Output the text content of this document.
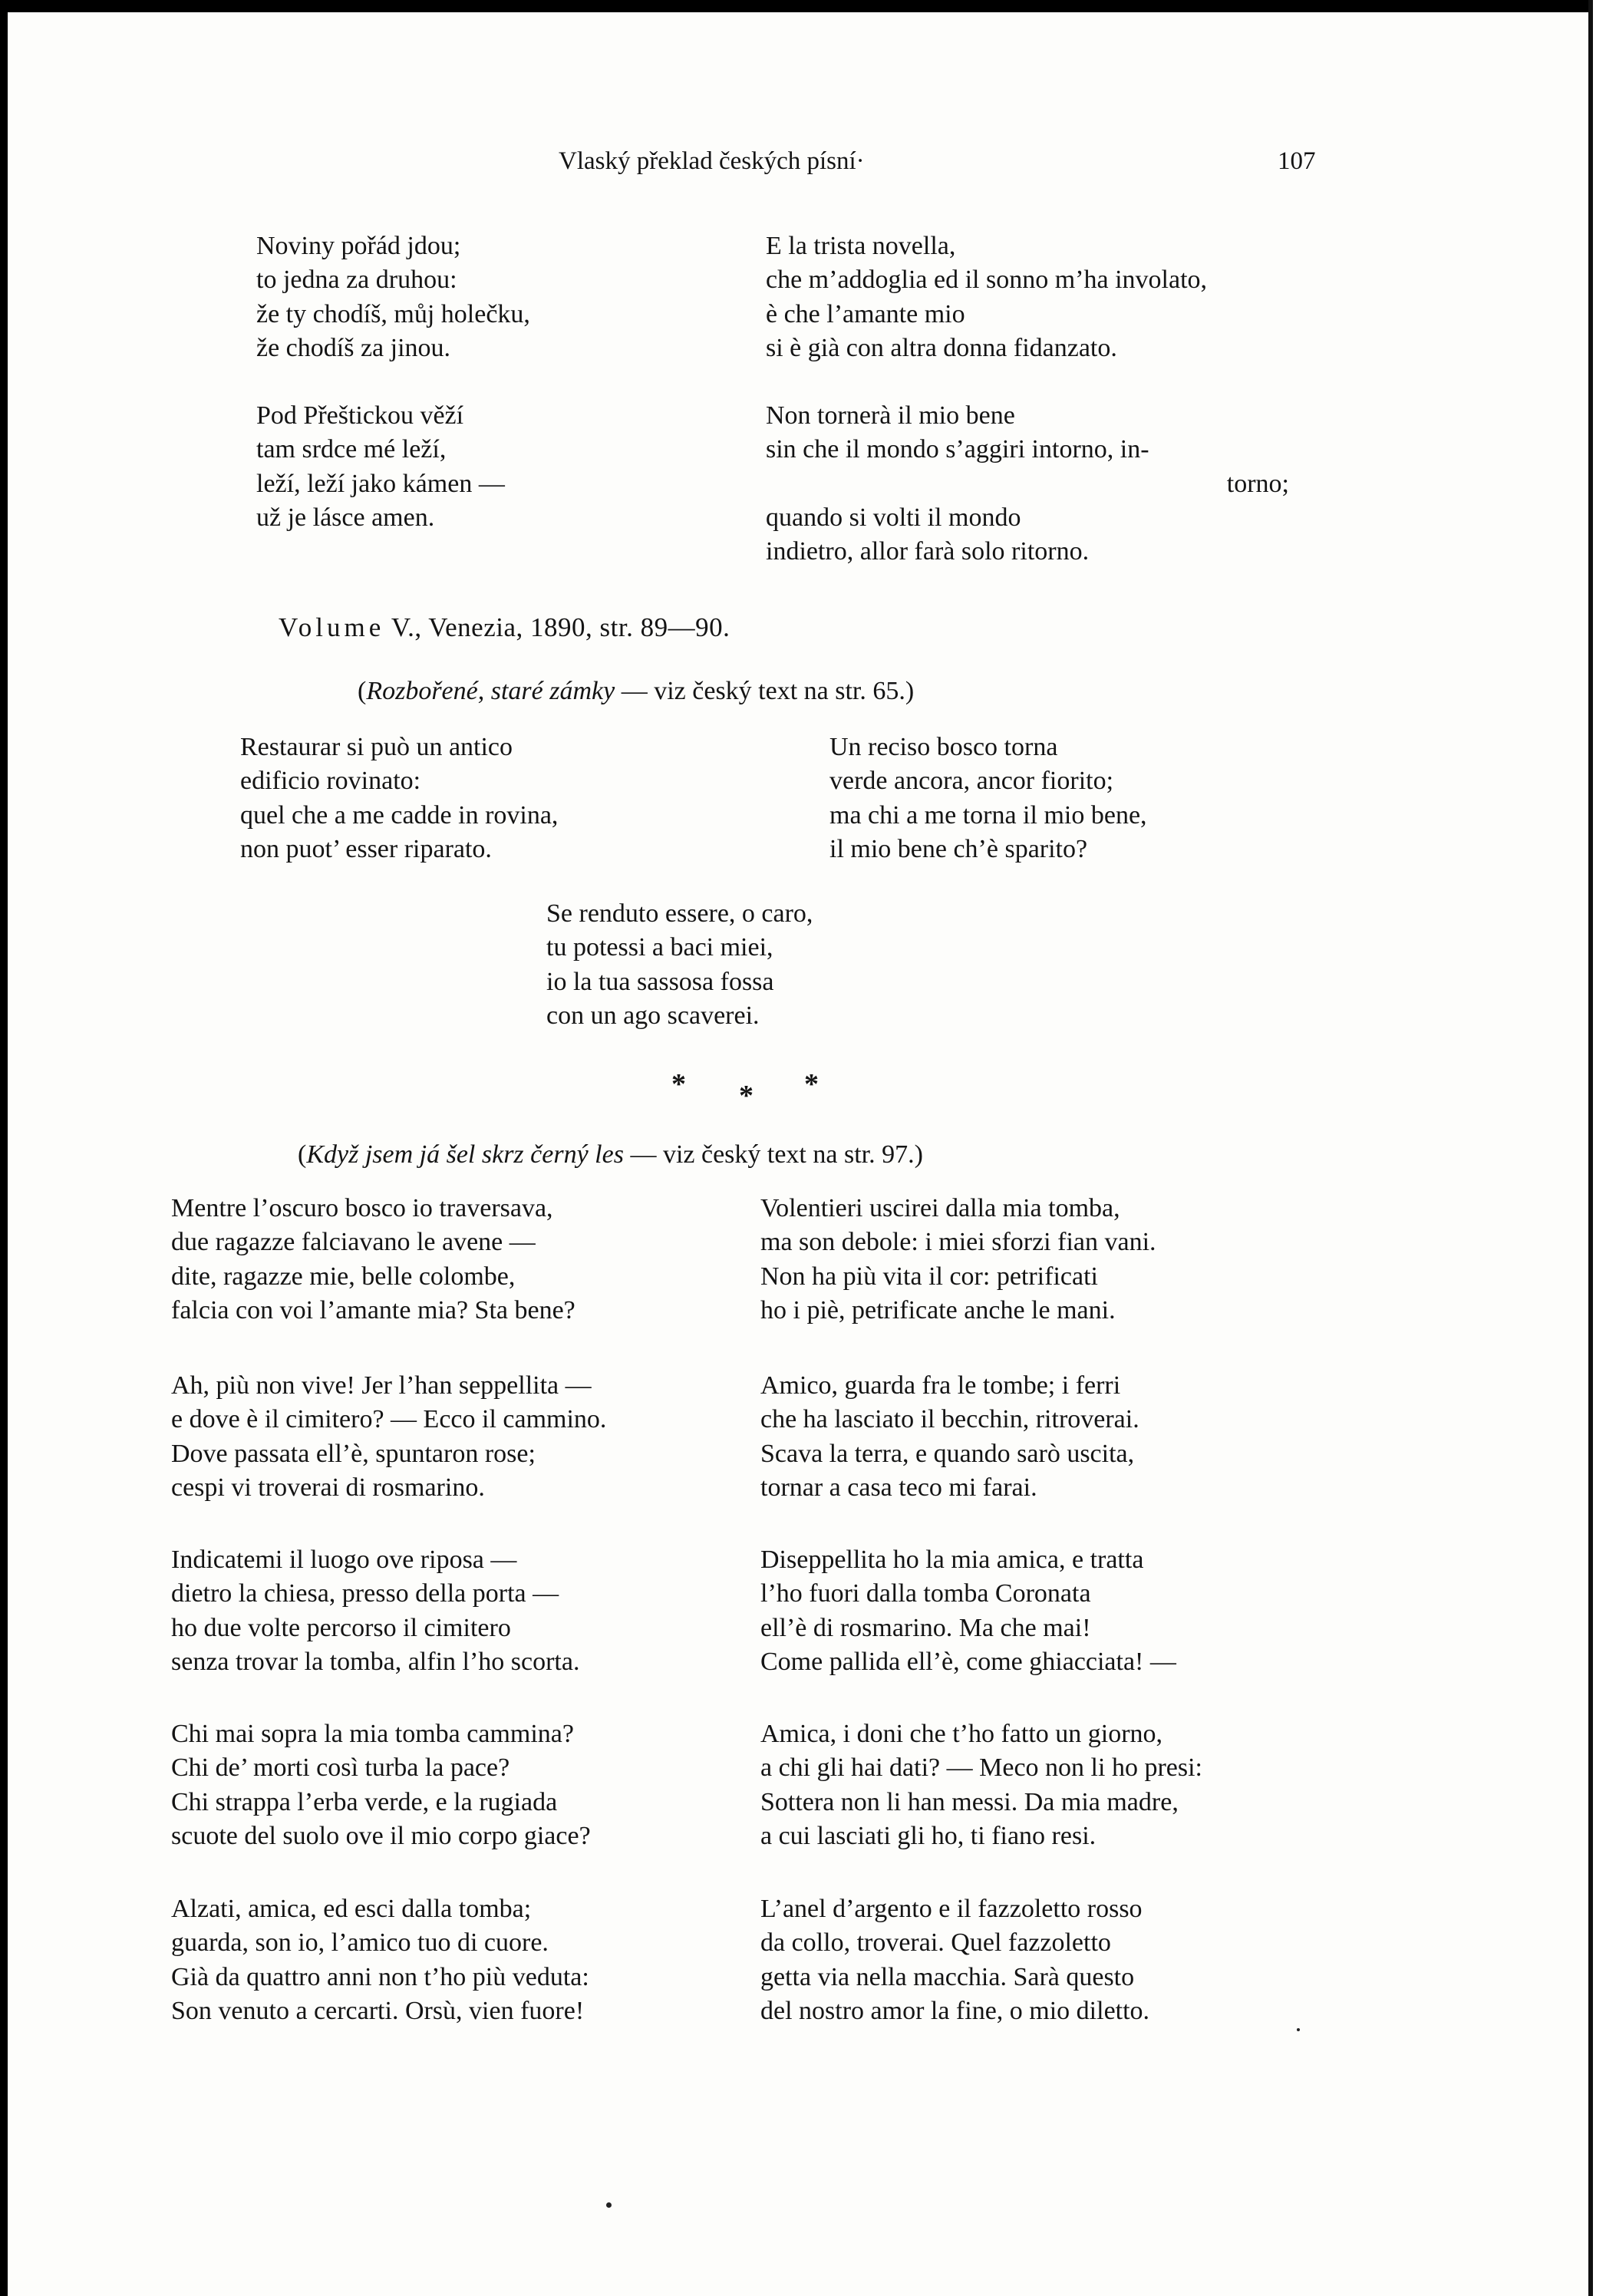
Vlaský překlad českých písní·	107
Noviny pořád jdou;
to jedna za druhou:
že ty chodíš, můj holečku,
že chodíš za jinou.
Pod Přeštickou věží
tam srdce mé leží,
leží, leží jako kámen —
už je lásce amen.
E la trista novella,
che m’addoglia ed il sonno m’ha involato,
è che l’amante mio
si è già con altra donna fidanzato.
Non tornerà il mio bene
sin che il mondo s’aggiri intorno, in-
torno;
quando si volti il mondo
indietro, allor farà solo ritorno.
Volume V., Venezia, 1890, str. 89—90.
(Rozbořené, staré zámky — viz český text na str. 65.)
Restaurar si può un antico
edificio rovinato:
quel che a me cadde in rovina,
non puot’ esser riparato.
Un reciso bosco torna
verde ancora, ancor fiorito;
ma chi a me torna il mio bene,
il mio bene ch’è sparito?
Se renduto essere, o caro,
tu potessi a baci miei,
io la tua sassosa fossa
con un ago scaverei.
* * *
(Když jsem já šel skrz černý les — viz český text na str. 97.)
Mentre l’oscuro bosco io traversava,
due ragazze falciavano le avene —
dite, ragazze mie, belle colombe,
falcia con voi l’amante mia? Sta bene?
Ah, più non vive! Jer l’han seppellita —
e dove è il cimitero? — Ecco il cammino.
Dove passata ell’è, spuntaron rose;
cespi vi troverai di rosmarino.
Indicatemi il luogo ove riposa —
dietro la chiesa, presso della porta —
ho due volte percorso il cimitero
senza trovar la tomba, alfin l’ho scorta.
Chi mai sopra la mia tomba cammina?
Chi de’ morti così turba la pace?
Chi strappa l’erba verde, e la rugiada
scuote del suolo ove il mio corpo giace?
Alzati, amica, ed esci dalla tomba;
guarda, son io, l’amico tuo di cuore.
Già da quattro anni non t’ho più veduta:
Son venuto a cercarti. Orsù, vien fuore!
Volentieri uscirei dalla mia tomba,
ma son debole: i miei sforzi fian vani.
Non ha più vita il cor: petrificati
ho i piè, petrificate anche le mani.
Amico, guarda fra le tombe; i ferri
che ha lasciato il becchin, ritroverai.
Scava la terra, e quando sarò uscita,
tornar a casa teco mi farai.
Diseppellita ho la mia amica, e tratta
l’ho fuori dalla tomba Coronata
ell’è di rosmarino. Ma che mai!
Come pallida ell’è, come ghiacciata! —
Amica, i doni che t’ho fatto un giorno,
a chi gli hai dati? — Meco non li ho presi:
Sottera non li han messi. Da mia madre,
a cui lasciati gli ho, ti fiano resi.
L’anel d’argento e il fazzoletto rosso
da collo, troverai. Quel fazzoletto
getta via nella macchia. Sarà questo
del nostro amor la fine, o mio diletto.
